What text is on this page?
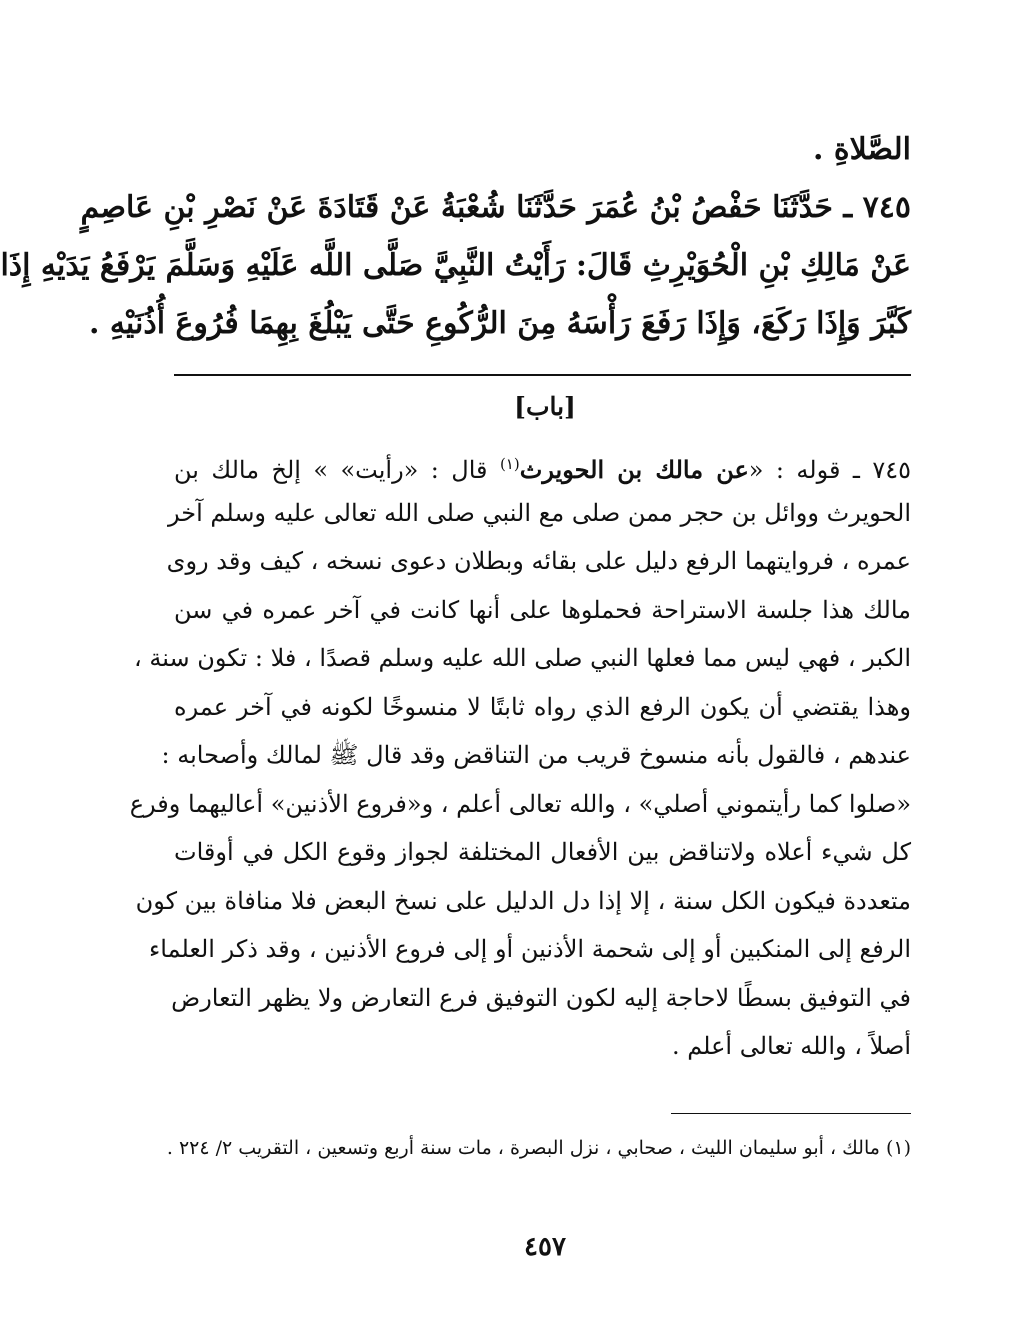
الصَّلاةِ .
٧٤٥ ـ حَدَّثَنَا حَفْصُ بْنُ عُمَرَ حَدَّثَنَا شُعْبَةُ عَنْ قَتَادَةَ عَنْ نَصْرِ بْنِ عَاصِمٍ
عَنْ مَالِكِ بْنِ الْحُوَيْرِثِ قَالَ: رَأَيْتُ النَّبِيَّ صَلَّى اللَّه عَلَيْهِ وَسَلَّمَ يَرْفَعُ يَدَيْهِ إِذَا
كَبَّرَ وَإِذَا رَكَعَ، وَإِذَا رَفَعَ رَأْسَهُ مِنَ الرُّكُوعِ حَتَّى يَبْلُغَ بِهِمَا فُرُوعَ أُذُنَيْهِ .
[باب]
٧٤٥ ـ قوله : «عن مالك بن الحويرث$^{(١)}$ قال : «رأيت» » إلخ مالك بن
الحويرث ووائل بن حجر ممن صلى مع النبي صلى الله تعالى عليه وسلم آخر
عمره ، فروايتهما الرفع دليل على بقائه وبطلان دعوى نسخه ، كيف وقد روى
مالك هذا جلسة الاستراحة فحملوها على أنها كانت في آخر عمره في سن
الكبر ، فهي ليس مما فعلها النبي صلى الله عليه وسلم قصدًا ، فلا : تكون سنة ،
وهذا يقتضي أن يكون الرفع الذي رواه ثابتًا لا منسوخًا لكونه في آخر عمره
عندهم ، فالقول بأنه منسوخ قريب من التناقض وقد قال ﷺ لمالك وأصحابه :
«صلوا كما رأيتموني أصلي» ، والله تعالى أعلم ، و«فروع الأذنين» أعاليهما وفرع
كل شيء أعلاه ولاتناقض بين الأفعال المختلفة لجواز وقوع الكل في أوقات
متعددة فيكون الكل سنة ، إلا إذا دل الدليل على نسخ البعض فلا منافاة بين كون
الرفع إلى المنكبين أو إلى شحمة الأذنين أو إلى فروع الأذنين ، وقد ذكر العلماء
في التوفيق بسطًا لاحاجة إليه لكون التوفيق فرع التعارض ولا يظهر التعارض
أصلاً ، والله تعالى أعلم .
(١) مالك ، أبو سليمان الليث ، صحابي ، نزل البصرة ، مات سنة أربع وتسعين ، التقريب ٢/ ٢٢٤ .
٤٥٧
